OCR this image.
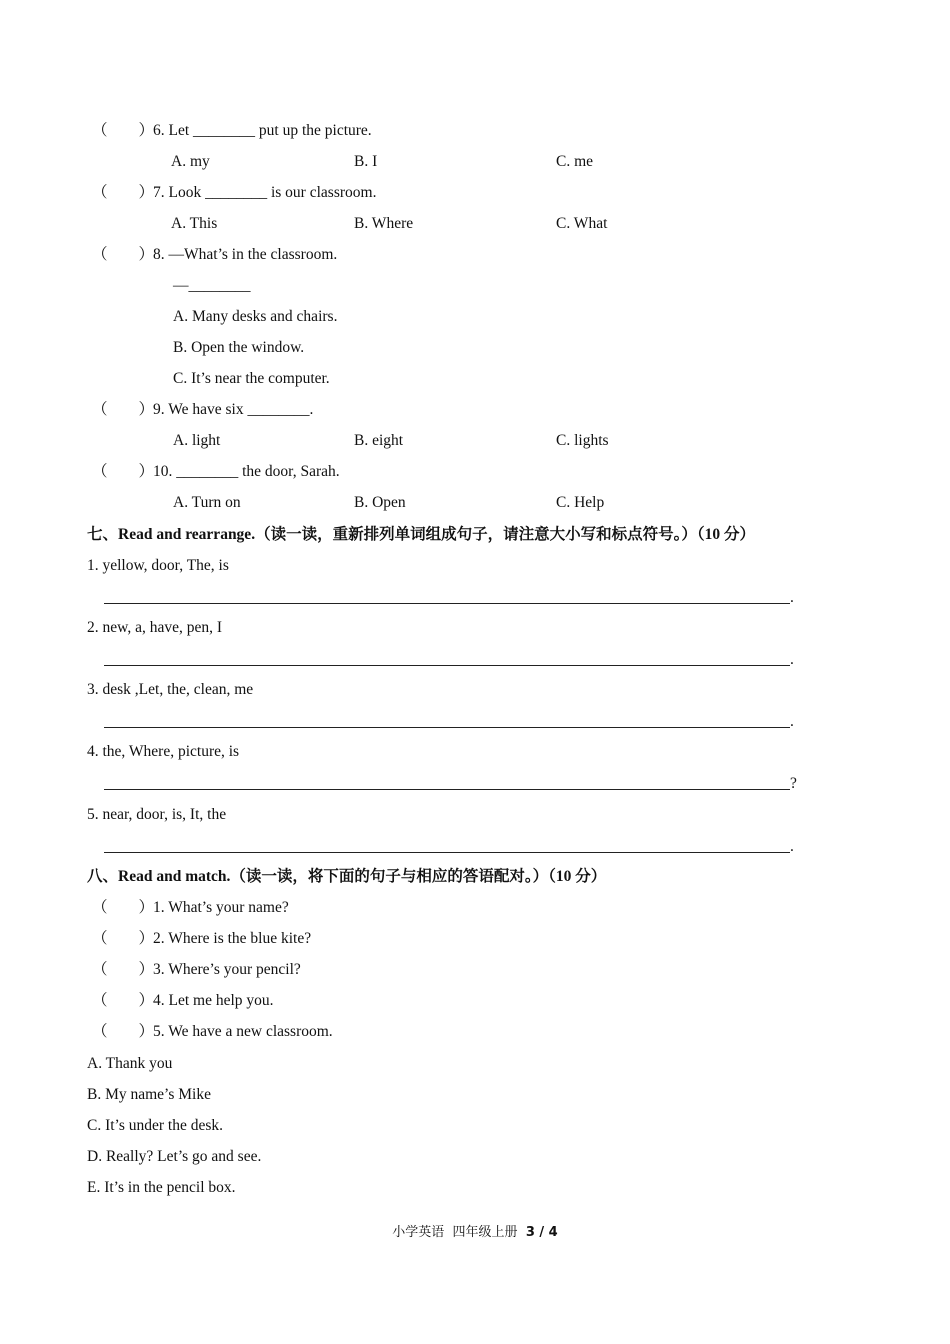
（　　）
6. Let ________ put up the picture.
A. my	B. I	C. me
（　　）
7. Look ________ is our classroom.
A. This	B. Where	C. What
（　　）
8. —What’s in the classroom.
—________
A. Many desks and chairs.
B. Open the window.
C. It’s near the computer.
（　　）
9. We have six ________.
A. light	B. eight	C. lights
（　　）
10. ________ the door, Sarah.
A. Turn on	B. Open	C. Help
七、Read and rearrange.（读一读，重新排列单词组成句子，请注意大小写和标点符号。）（10 分）
1. yellow, door, The, is
.
2. new, a, have, pen, I
.
3. desk ,Let, the, clean, me
.
4. the, Where, picture, is
?
5. near, door, is, It, the
.
八、Read and match.（读一读，将下面的句子与相应的答语配对。）（10 分）
（　　）
1. What’s your name?
（　　）
2. Where is the blue kite?
（　　）
3. Where’s your pencil?
（　　）
4. Let me help you.
（　　）
5. We have a new classroom.
A. Thank you
B. My name’s Mike
C. It’s under the desk.
D. Really? Let’s go and see.
E. It’s in the pencil box.
小学英语  四年级上册  3 / 4
